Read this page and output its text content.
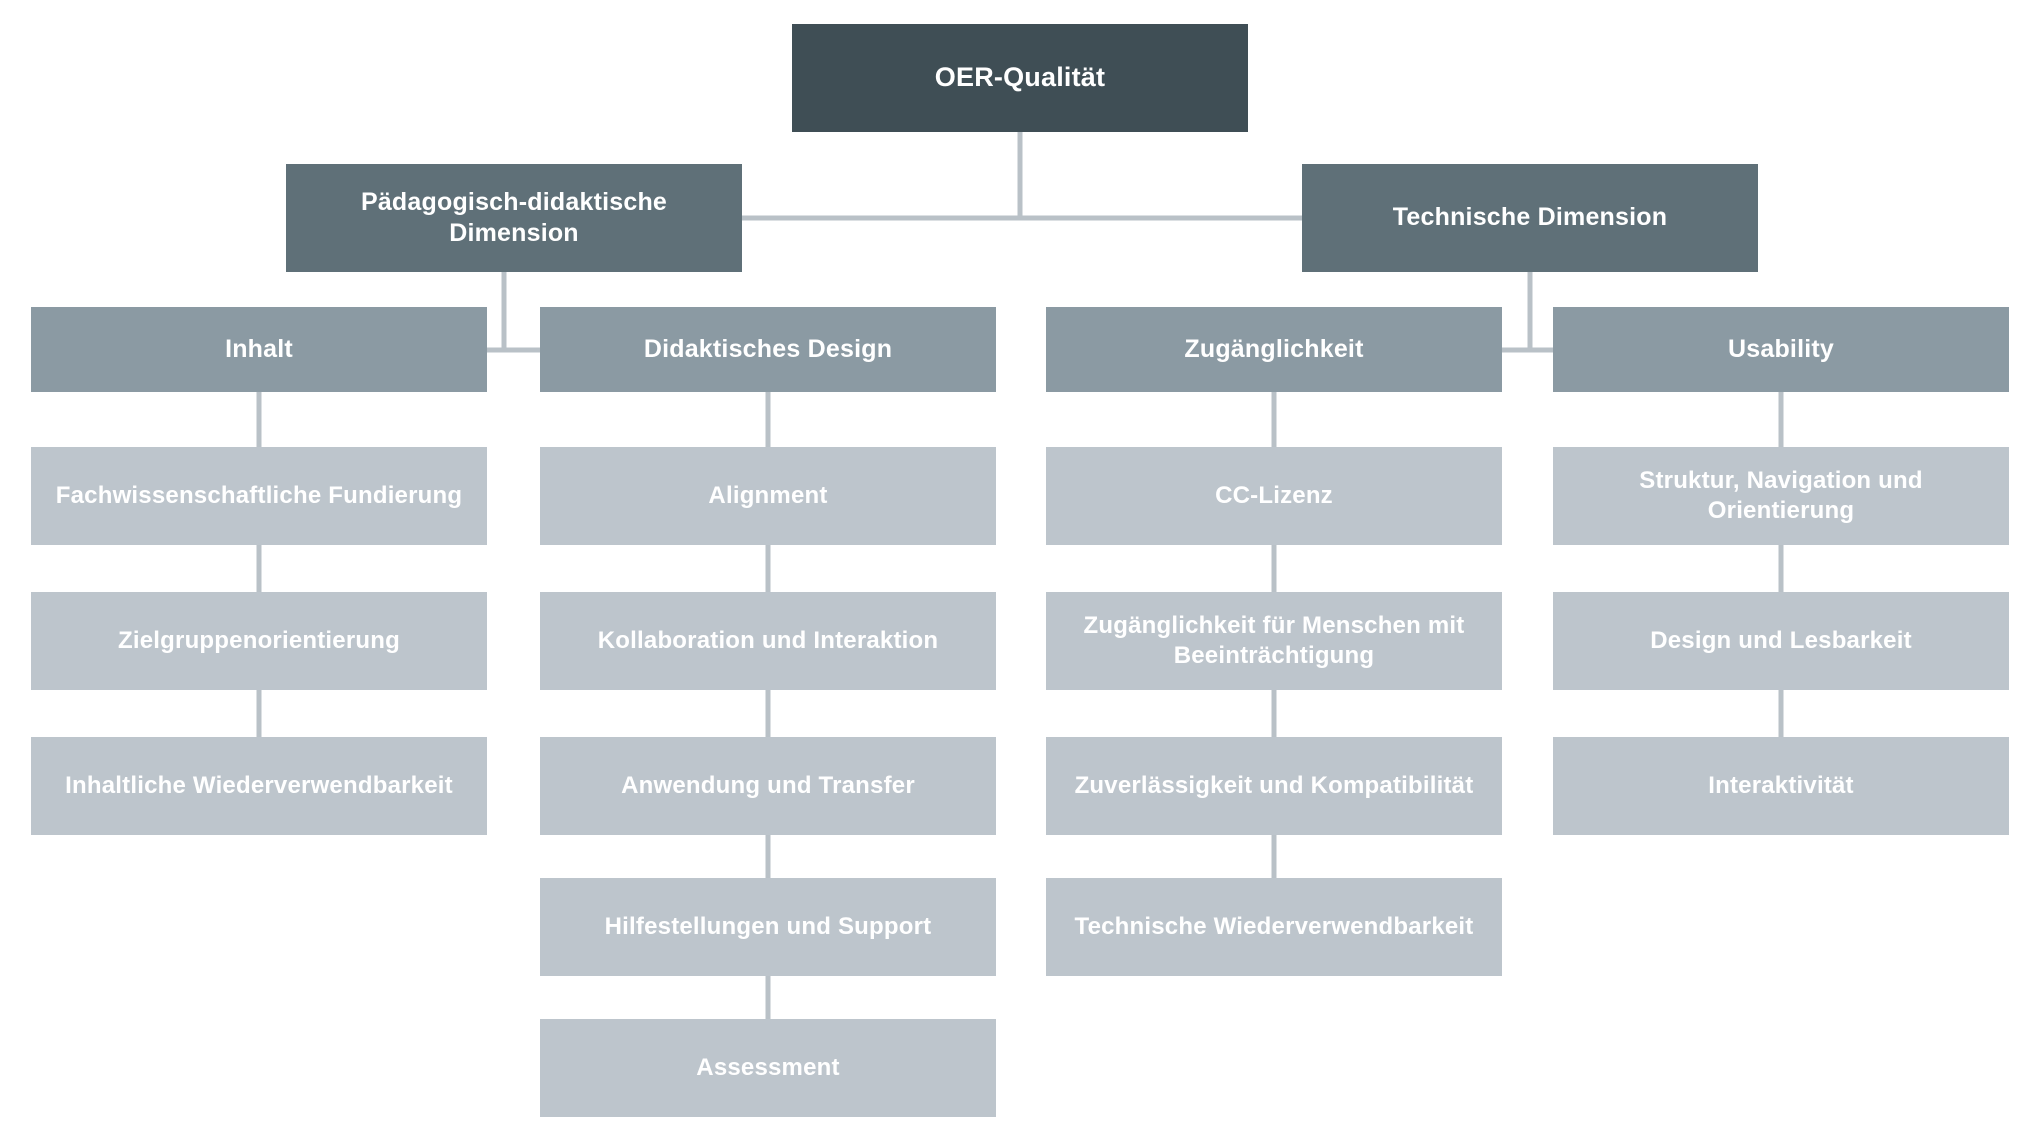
OER-Qualität
Pädagogisch-didaktische Dimension
Technische Dimension
Inhalt	Didaktisches Design	Zugänglichkeit	Usability
Fachwissenschaftliche Fundierung
Zielgruppenorientierung
Inhaltliche Wiederverwendbarkeit
Alignment
Kollaboration und Interaktion
Anwendung und Transfer
Hilfestellungen und Support
Assessment
CC-Lizenz
Zugänglichkeit für Menschen mit Beeinträchtigung
Zuverlässigkeit und Kompatibilität
Technische Wiederverwendbarkeit
Struktur, Navigation und Orientierung
Design und Lesbarkeit
Interaktivität
